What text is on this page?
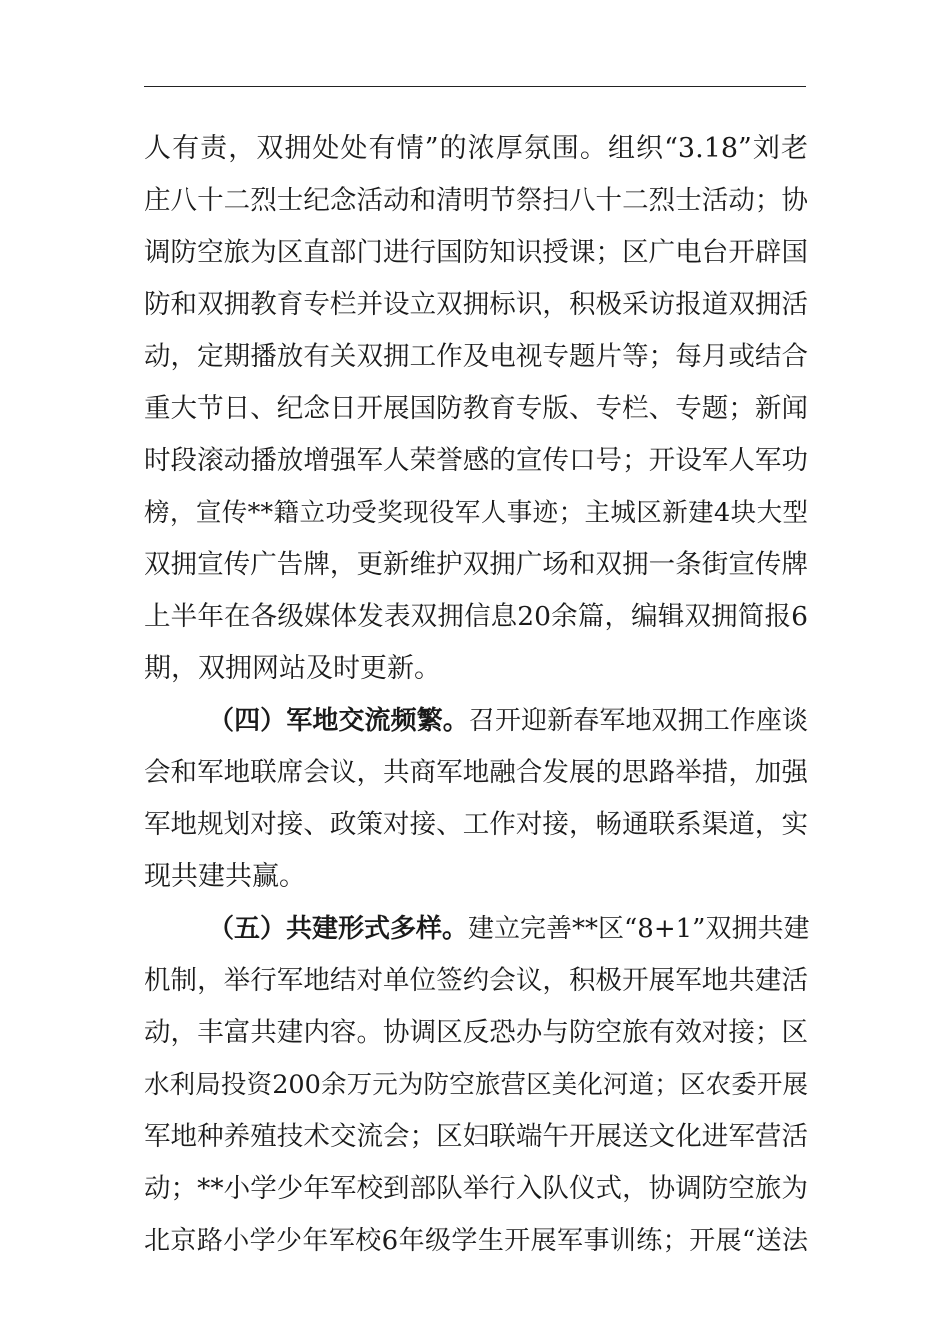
人有责，双拥处处有情”的浓厚氛围。组织“3.18”刘老
庄八十二烈士纪念活动和清明节祭扫八十二烈士活动；协
调防空旅为区直部门进行国防知识授课；区广电台开辟国
防和双拥教育专栏并设立双拥标识，积极采访报道双拥活
动，定期播放有关双拥工作及电视专题片等；每月或结合
重大节日、纪念日开展国防教育专版、专栏、专题；新闻
时段滚动播放增强军人荣誉感的宣传口号；开设军人军功
榜，宣传**籍立功受奖现役军人事迹；主城区新建4块大型
双拥宣传广告牌，更新维护双拥广场和双拥一条街宣传牌
上半年在各级媒体发表双拥信息20余篇，编辑双拥简报6
期，双拥网站及时更新。
（四）军地交流频繁。召开迎新春军地双拥工作座谈
会和军地联席会议，共商军地融合发展的思路举措，加强
军地规划对接、政策对接、工作对接，畅通联系渠道，实
现共建共赢。
（五）共建形式多样。建立完善**区“8+1”双拥共建
机制，举行军地结对单位签约会议，积极开展军地共建活
动，丰富共建内容。协调区反恐办与防空旅有效对接；区
水利局投资200余万元为防空旅营区美化河道；区农委开展
军地种养殖技术交流会；区妇联端午开展送文化进军营活
动；**小学少年军校到部队举行入队仪式，协调防空旅为
北京路小学少年军校6年级学生开展军事训练；开展“送法
